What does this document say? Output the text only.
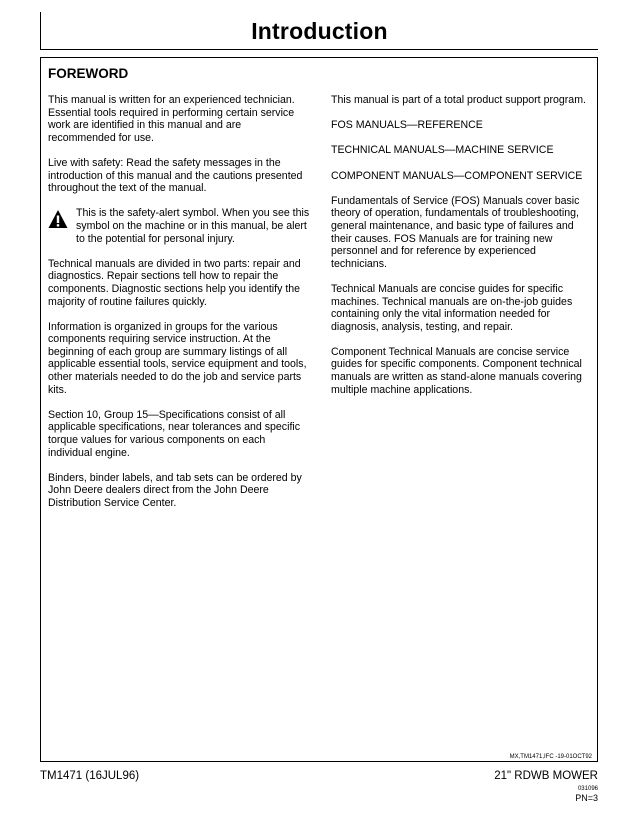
Introduction
FOREWORD

This manual is written for an experienced technician. Essential tools required in performing certain service work are identified in this manual and are recommended for use.

Live with safety: Read the safety messages in the introduction of this manual and the cautions presented throughout the text of the manual.

This is the safety-alert symbol. When you see this symbol on the machine or in this manual, be alert to the potential for personal injury.

Technical manuals are divided in two parts: repair and diagnostics. Repair sections tell how to repair the components. Diagnostic sections help you identify the majority of routine failures quickly.

Information is organized in groups for the various components requiring service instruction. At the beginning of each group are summary listings of all applicable essential tools, service equipment and tools, other materials needed to do the job and service parts kits.

Section 10, Group 15—Specifications consist of all applicable specifications, near tolerances and specific torque values for various components on each individual engine.

Binders, binder labels, and tab sets can be ordered by John Deere dealers direct from the John Deere Distribution Service Center.

This manual is part of a total product support program.

FOS MANUALS—REFERENCE

TECHNICAL MANUALS—MACHINE SERVICE

COMPONENT MANUALS—COMPONENT SERVICE

Fundamentals of Service (FOS) Manuals cover basic theory of operation, fundamentals of troubleshooting, general maintenance, and basic type of failures and their causes. FOS Manuals are for training new personnel and for reference by experienced technicians.

Technical Manuals are concise guides for specific machines. Technical manuals are on-the-job guides containing only the vital information needed for diagnosis, analysis, testing, and repair.

Component Technical Manuals are concise service guides for specific components. Component technical manuals are written as stand-alone manuals covering multiple machine applications.

MX,TM1471,IFC -19-01OCT92
TM1471 (16JUL96)	21" RDWB MOWER
031096
PN=3
